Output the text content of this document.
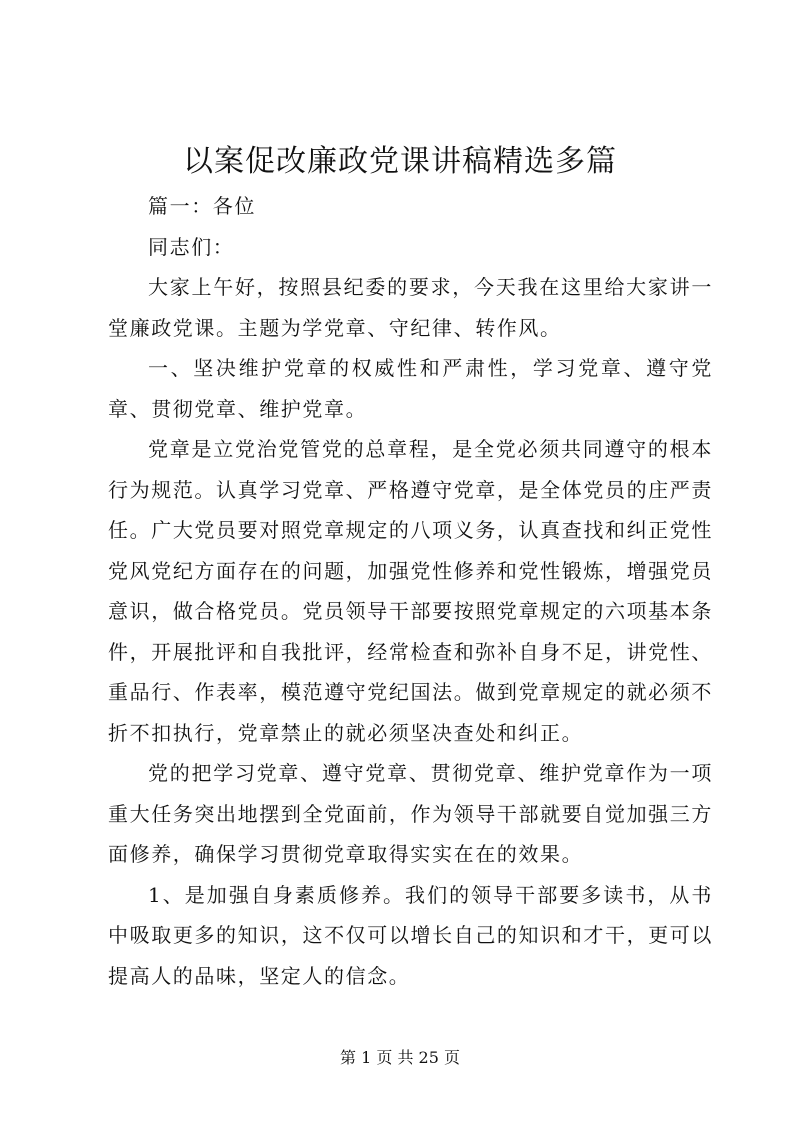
以案促改廉政党课讲稿精选多篇

篇一：各位

同志们：

大家上午好，按照县纪委的要求，今天我在这里给大家讲一堂廉政党课。主题为学党章、守纪律、转作风。

一、坚决维护党章的权威性和严肃性，学习党章、遵守党章、贯彻党章、维护党章。

党章是立党治党管党的总章程，是全党必须共同遵守的根本行为规范。认真学习党章、严格遵守党章，是全体党员的庄严责任。广大党员要对照党章规定的八项义务，认真查找和纠正党性党风党纪方面存在的问题，加强党性修养和党性锻炼，增强党员意识，做合格党员。党员领导干部要按照党章规定的六项基本条件，开展批评和自我批评，经常检查和弥补自身不足，讲党性、重品行、作表率，模范遵守党纪国法。做到党章规定的就必须不折不扣执行，党章禁止的就必须坚决查处和纠正。

党的把学习党章、遵守党章、贯彻党章、维护党章作为一项重大任务突出地摆到全党面前，作为领导干部就要自觉加强三方面修养，确保学习贯彻党章取得实实在在的效果。

1、是加强自身素质修养。我们的领导干部要多读书，从书中吸取更多的知识，这不仅可以增长自己的知识和才干，更可以提高人的品味，坚定人的信念。

第 1 页 共 25 页
